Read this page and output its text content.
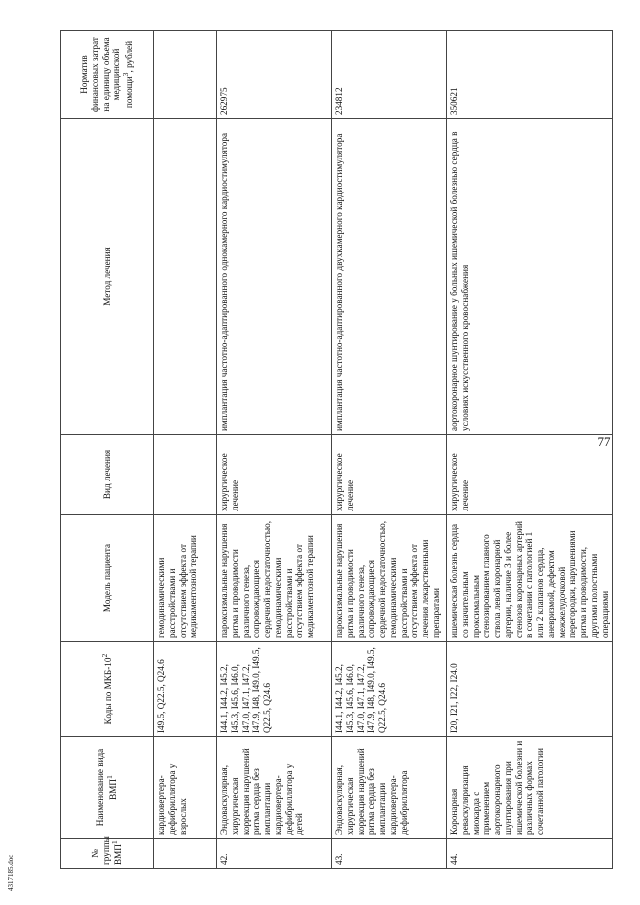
4317185.doc
№ группы ВМП$^1$	Наименование вида ВМП$^1$	Коды по МКБ-$10^2$	Модель пациента	Вид лечения	Метод лечения	Норматив финансовых затрат на единицу объема медицинской помощи$^3$, рублей
	кардиовертера-дефибриллятора у взрослых	I49.5, Q22.5, Q24.6	гемодинамическими расстройствами и отсутствием эффекта от медикаментозной терапии			
42.	Эндоваскулярная, хирургическая коррекция нарушений ритма сердца без имплантации кардиовертера-дефибриллятора у детей	I44.1, I44.2, I45.2, I45.3, I45.6, I46.0, I47.0, I47.1, I47.2, I47.9, I48, I49.0, I49.5, Q22.5, Q24.6	пароксизмальные нарушения ритма и проводимости различного генеза, сопровождающиеся сердечной недостаточностью, гемодинамическими расстройствами и отсутствием эффекта от медикаментозной терапии	хирургическое лечение	имплантация частотно-адаптированного однокамерного кардиостимулятора	262975
43.	Эндоваскулярная, хирургическая коррекция нарушений ритма сердца без имплантации кардиовертера-дефибриллятора	I44.1, I44.2, I45.2, I45.3, I45.6, I46.0, I47.0, I47.1, I47.2, I47.9, I48, I49.0, I49.5, Q22.5, Q24.6	пароксизмальные нарушения ритма и проводимости различного генеза, сопровождающиеся сердечной недостаточностью, гемодинамическими расстройствами и отсутствием эффекта от лечения лекарственными препаратами	хирургическое лечение	имплантация частотно-адаптированного двухкамерного кардиостимулятора	234812
44.	Коронарная реваскуляризация миокарда с применением аортокоронарного шунтирования при ишемической болезни и различных формах сочетанной патологии	I20, I21, I22, I24.0	ишемическая болезнь сердца со значительным проксимальным стенозированием главного ствола левой коронарной артерии, наличие 3 и более стенозов коронарных артерий в сочетании с патологией 1 или 2 клапанов сердца, аневризмой, дефектом межжелудочковой перегородки, нарушениями ритма и проводимости, другими полостными операциями	хирургическое лечение	аортокоронарное шунтирование у больных ишемической болезнью сердца в условиях искусственного кровоснабжения	350621
77
